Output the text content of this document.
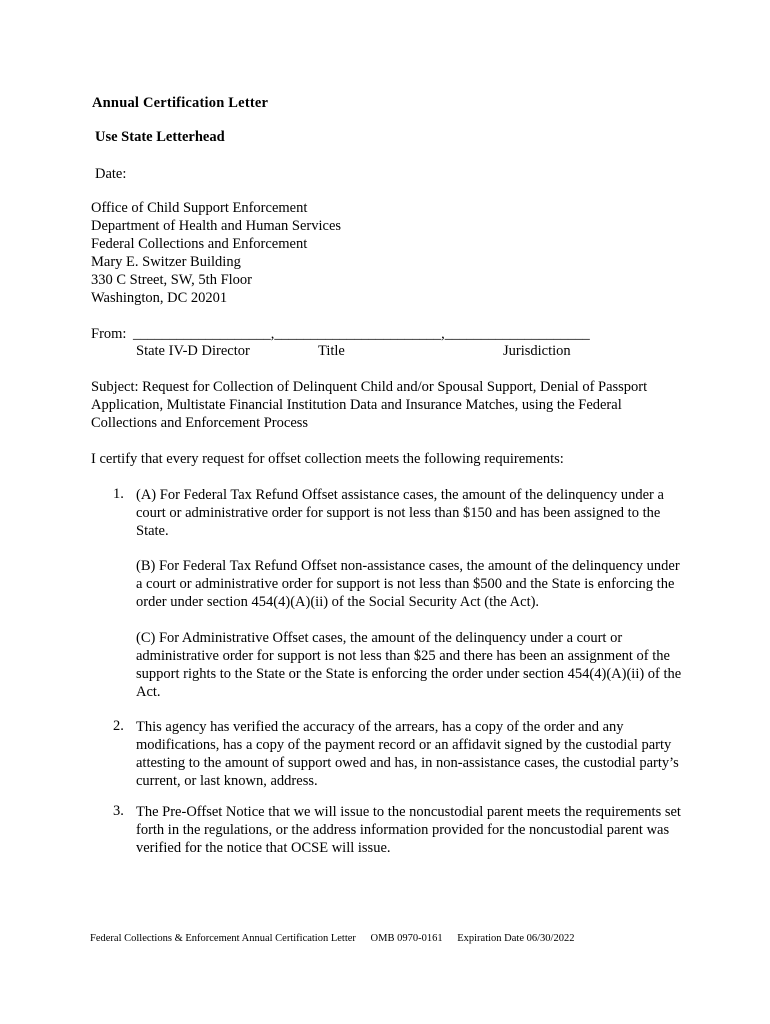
Annual Certification Letter
Use State Letterhead
Date:
Office of Child Support Enforcement
Department of Health and Human Services
Federal Collections and Enforcement
Mary E. Switzer Building
330 C Street, SW, 5th Floor
Washington, DC 20201
From: ___________________,_______________________,____________________
State IV-D Director	Title	Jurisdiction
Subject: Request for Collection of Delinquent Child and/or Spousal Support, Denial of Passport Application, Multistate Financial Institution Data and Insurance Matches, using the Federal Collections and Enforcement Process
I certify that every request for offset collection meets the following requirements:
1. (A) For Federal Tax Refund Offset assistance cases, the amount of the delinquency under a court or administrative order for support is not less than $150 and has been assigned to the State.
(B) For Federal Tax Refund Offset non-assistance cases, the amount of the delinquency under a court or administrative order for support is not less than $500 and the State is enforcing the order under section 454(4)(A)(ii) of the Social Security Act (the Act).
(C) For Administrative Offset cases, the amount of the delinquency under a court or administrative order for support is not less than $25 and there has been an assignment of the support rights to the State or the State is enforcing the order under section 454(4)(A)(ii) of the Act.
2. This agency has verified the accuracy of the arrears, has a copy of the order and any modifications, has a copy of the payment record or an affidavit signed by the custodial party attesting to the amount of support owed and has, in non-assistance cases, the custodial party’s current, or last known, address.
3. The Pre-Offset Notice that we will issue to the noncustodial parent meets the requirements set forth in the regulations, or the address information provided for the noncustodial parent was verified for the notice that OCSE will issue.
Federal Collections & Enforcement Annual Certification Letter OMB 0970-0161 Expiration Date 06/30/2022
